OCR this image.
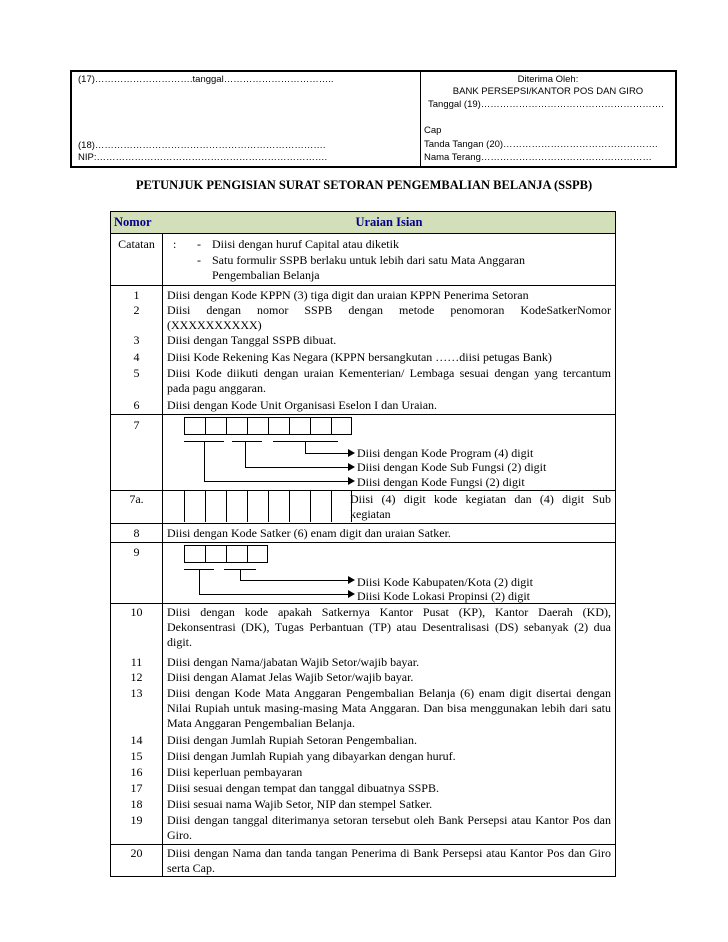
(17)………………………….tanggal……………………………..
(18)……………………………………………………………….
NIP:……………………………………………………………….
Diterima Oleh:
BANK PERSEPSI/KANTOR POS DAN GIRO
Tanggal (19)………………………………………………….
Cap
Tanda Tangan (20)………………………………………….
Nama Terang………………………………………………
PETUNJUK PENGISIAN SURAT SETORAN PENGEMBALIAN BELANJA (SSPB)
Nomor	Uraian Isian
Catatan	: - Diisi dengan huruf Capital atau diketik
- Satu formulir SSPB berlaku untuk lebih dari satu Mata Anggaran
Pengembalian Belanja
1	Diisi dengan Kode KPPN (3) tiga digit dan uraian KPPN Penerima Setoran
2	Diisi dengan nomor SSPB dengan metode penomoran KodeSatkerNomor (XXXXXXXXXX)
3	Diisi dengan Tanggal SSPB dibuat.
4	Diisi Kode Rekening Kas Negara (KPPN bersangkutan ……diisi petugas Bank)
5	Diisi Kode diikuti dengan uraian Kementerian/ Lembaga sesuai dengan yang tercantum pada pagu anggaran.
6	Diisi dengan Kode Unit Organisasi Eselon I dan Uraian.
7
Diisi dengan Kode Program (4) digit
Diisi dengan Kode Sub Fungsi (2) digit
Diisi dengan Kode Fungsi (2) digit
7a.	Diisi (4) digit kode kegiatan dan (4) digit Sub kegiatan
8	Diisi dengan Kode Satker (6) enam digit dan uraian Satker.
9
Diisi Kode Kabupaten/Kota (2) digit
Diisi Kode Lokasi Propinsi (2) digit
10	Diisi dengan kode apakah Satkernya Kantor Pusat (KP), Kantor Daerah (KD), Dekonsentrasi (DK), Tugas Perbantuan (TP) atau Desentralisasi (DS) sebanyak (2) dua digit.
11	Diisi dengan Nama/jabatan Wajib Setor/wajib bayar.
12	Diisi dengan Alamat Jelas Wajib Setor/wajib bayar.
13	Diisi dengan Kode Mata Anggaran Pengembalian Belanja (6) enam digit disertai dengan Nilai Rupiah untuk masing-masing Mata Anggaran. Dan bisa menggunakan lebih dari satu Mata Anggaran Pengembalian Belanja.
14	Diisi dengan Jumlah Rupiah Setoran Pengembalian.
15	Diisi dengan Jumlah Rupiah yang dibayarkan dengan huruf.
16	Diisi keperluan pembayaran
17	Diisi sesuai dengan tempat dan tanggal dibuatnya SSPB.
18	Diisi sesuai nama Wajib Setor, NIP dan stempel Satker.
19	Diisi dengan tanggal diterimanya setoran tersebut oleh Bank Persepsi atau Kantor Pos dan Giro.
20	Diisi dengan Nama dan tanda tangan Penerima di Bank Persepsi atau Kantor Pos dan Giro serta Cap.
